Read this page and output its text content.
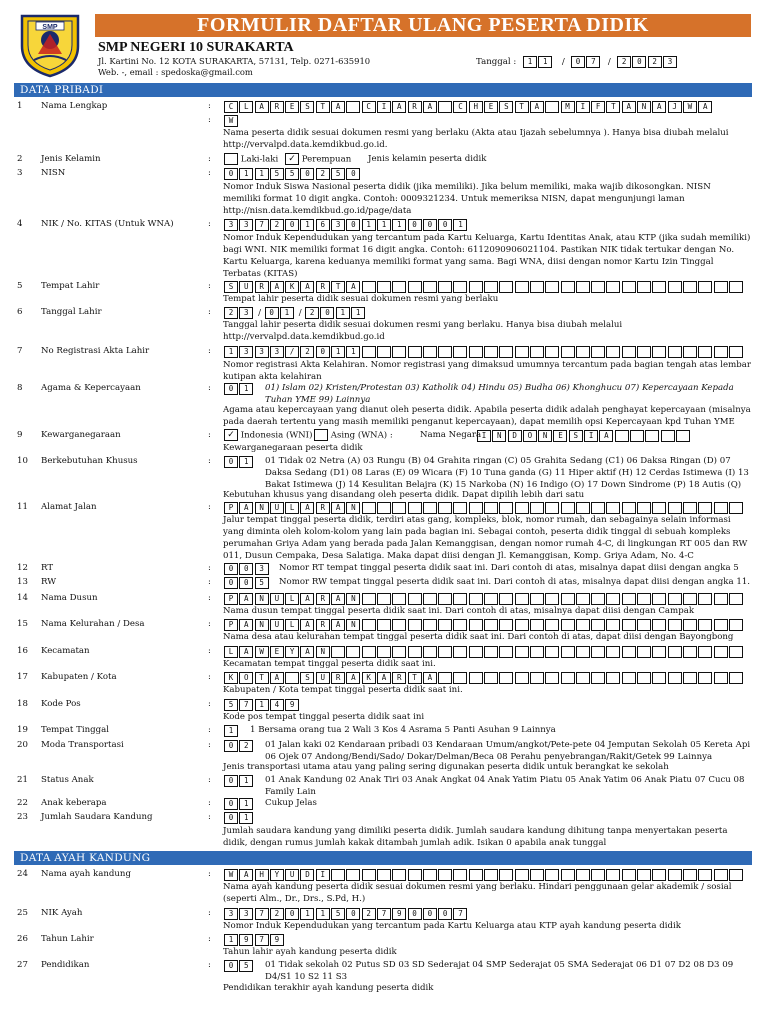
SMP	FORMULIR DAFTAR ULANG PESERTA DIDIK
SMP NEGERI 10 SURAKARTA
Jl. Kartini No. 12 KOTA SURAKARTA, 57131, Telp. 0271-635910
Web. -, email : spedoska@gmail.com
Tanggal :	1	1	/	0	7	/	2	0	2	3
DATA PRIBADI
1 Nama Lengkap	:	C	L	A	R	E	S	T	A	C	I	A	R	A	C	H	E	S	T	A	M	I	F	T	A	N	A	J	W	A
:	W
Nama peserta didik sesuai dokumen resmi yang berlaku (Akta atau Ijazah sebelumnya ). Hanya bisa diubah melalui http://vervalpd.data.kemdikbud.go.id.
2 Jenis Kelamin	:	Laki-laki	✓ Perempuan Jenis kelamin peserta didik
3 NISN	:	0	1	1	5	5	0	2	5	0
Nomor Induk Siswa Nasional peserta didik (jika memiliki). Jika belum memiliki, maka wajib dikosongkan. NISN memiliki format 10 digit angka. Contoh: 0009321234. Untuk memeriksa NISN, dapat mengunjungi laman http://nisn.data.kemdikbud.go.id/page/data
4 NIK / No. KITAS (Untuk WNA)	:	3	3	7	2	0	1	6	3	0	1	1	1	0	0	0	1
Nomor Induk Kependudukan yang tercantum pada Kartu Keluarga, Kartu Identitas Anak, atau KTP (jika sudah memiliki) bagi WNI. NIK memiliki format 16 digit angka. Contoh: 6112090906021104. Pastikan NIK tidak tertukar dengan No. Kartu Keluarga, karena keduanya memiliki format yang sama. Bagi WNA, diisi dengan nomor Kartu Izin Tinggal Terbatas (KITAS)
5 Tempat Lahir	:	S	U	R	A	K	A	R	T	A
Tempat lahir peserta didik sesuai dokumen resmi yang berlaku
6 Tanggal Lahir	:	2	3	/	0	1	/	2	0	1	1
Tanggal lahir peserta didik sesuai dokumen resmi yang berlaku. Hanya bisa diubah melalui http://vervalpd.data.kemdikbud.go.id
7 No Registrasi Akta Lahir	:	1	3	3	3	/	2	0	1	1
Nomor registrasi Akta Kelahiran. Nomor registrasi yang dimaksud umumnya tercantum pada bagian tengah atas lembar kutipan akta kelahiran
8 Agama & Kepercayaan	:	0	1	01) Islam 02) Kristen/Protestan 03) Katholik 04) Hindu 05) Budha 06) Khonghucu 07) Kepercayaan Kepada Tuhan YME 99) Lainnya
Agama atau kepercayaan yang dianut oleh peserta didik. Apabila peserta didik adalah penghayat kepercayaan (misalnya pada daerah tertentu yang masih memiliki penganut kepercayaan), dapat memilih opsi Kepercayaan kpd Tuhan YME
9 Kewarganegaraan	:	✓ Indonesia (WNI)	Asing (WNA) :	Nama Negara I	N	D	O	N	E	S	I	A
Kewarganegaraan peserta didik
10 Berkebutuhan Khusus	:	0	1	01 Tidak 02 Netra (A) 03 Rungu (B) 04 Grahita ringan (C) 05 Grahita Sedang (C1) 06 Daksa Ringan (D) 07 Daksa Sedang (D1) 08 Laras (E) 09 Wicara (F) 10 Tuna ganda (G) 11 Hiper aktif (H) 12 Cerdas Istimewa (I) 13 Bakat Istimewa (J) 14 Kesulitan Belajra (K) 15 Narkoba (N) 16 Indigo (O) 17 Down Sindrome (P) 18 Autis (Q)
Kebutuhan khusus yang disandang oleh peserta didik. Dapat dipilih lebih dari satu
11 Alamat Jalan	:	P	A	N	U	L	A	R	A	N
Jalur tempat tinggal peserta didik, terdiri atas gang, kompleks, blok, nomor rumah, dan sebagainya selain informasi yang diminta oleh kolom-kolom yang lain pada bagian ini. Sebagai contoh, peserta didik tinggal di sebuah kompleks perumahan Griya Adam yang berada pada Jalan Kemanggisan, dengan nomor rumah 4-C, di lingkungan RT 005 dan RW 011, Dusun Cempaka, Desa Salatiga. Maka dapat diisi dengan Jl. Kemanggisan, Komp. Griya Adam, No. 4-C
12 RT	:	0	0	3	Nomor RT tempat tinggal peserta didik saat ini. Dari contoh di atas, misalnya dapat diisi dengan angka 5
13 RW	:	0	0	5	Nomor RW tempat tinggal peserta didik saat ini. Dari contoh di atas, misalnya dapat diisi dengan angka 11.
14 Nama Dusun	:	P	A	N	U	L	A	R	A	N
Nama dusun tempat tinggal peserta didik saat ini. Dari contoh di atas, misalnya dapat diisi dengan Campak
15 Nama Kelurahan / Desa	:	P	A	N	U	L	A	R	A	N
Nama desa atau kelurahan tempat tinggal peserta didik saat ini. Dari contoh di atas, dapat diisi dengan Bayongbong
16 Kecamatan	:	L	A	W	E	Y	A	N
Kecamatan tempat tinggal peserta didik saat ini.
17 Kabupaten / Kota	:	K	O	T	A	S	U	R	A	K	A	R	T	A
Kabupaten / Kota tempat tinggal peserta didik saat ini.
18 Kode Pos	:	5	7	1	4	9
Kode pos tempat tinggal peserta didik saat ini
19 Tempat Tinggal	:	1	1 Bersama orang tua 2 Wali 3 Kos 4 Asrama 5 Panti Asuhan 9 Lainnya
20 Moda Transportasi	:	0	2	01 Jalan kaki 02 Kendaraan pribadi 03 Kendaraan Umum/angkot/Pete-pete 04 Jemputan Sekolah 05 Kereta Api 06 Ojek 07 Andong/Bendi/Sado/ Dokar/Delman/Beca 08 Perahu penyebrangan/Rakit/Getek 99 Lainnya
Jenis transportasi utama atau yang paling sering digunakan peserta didik untuk berangkat ke sekolah
21 Status Anak	:	0	1	01 Anak Kandung 02 Anak Tiri 03 Anak Angkat 04 Anak Yatim Piatu 05 Anak Yatim 06 Anak Piatu 07 Cucu 08 Family Lain
22 Anak keberapa	:	0	1	Cukup Jelas
23 Jumlah Saudara Kandung	:	0	1
Jumlah saudara kandung yang dimiliki peserta didik. Jumlah saudara kandung dihitung tanpa menyertakan peserta didik, dengan rumus jumlah kakak ditambah jumlah adik. Isikan 0 apabila anak tunggal
DATA AYAH KANDUNG
24 Nama ayah kandung	:	W	A	H	Y	U	D	I
Nama ayah kandung peserta didik sesuai dokumen resmi yang berlaku. Hindari penggunaan gelar akademik / sosial (seperti Alm., Dr., Drs., S.Pd, H.)
25 NIK Ayah	:	3	3	7	2	0	1	1	5	0	2	7	9	0	0	0	7
Nomor Induk Kependudukan yang tercantum pada Kartu Keluarga atau KTP ayah kandung peserta didik
26 Tahun Lahir	:	1	9	7	9
Tahun lahir ayah kandung peserta didik
27 Pendidikan	:	0	5	01 Tidak sekolah 02 Putus SD 03 SD Sederajat 04 SMP Sederajat 05 SMA Sederajat 06 D1 07 D2 08 D3 09 D4/S1 10 S2 11 S3
Pendidikan terakhir ayah kandung peserta didik
